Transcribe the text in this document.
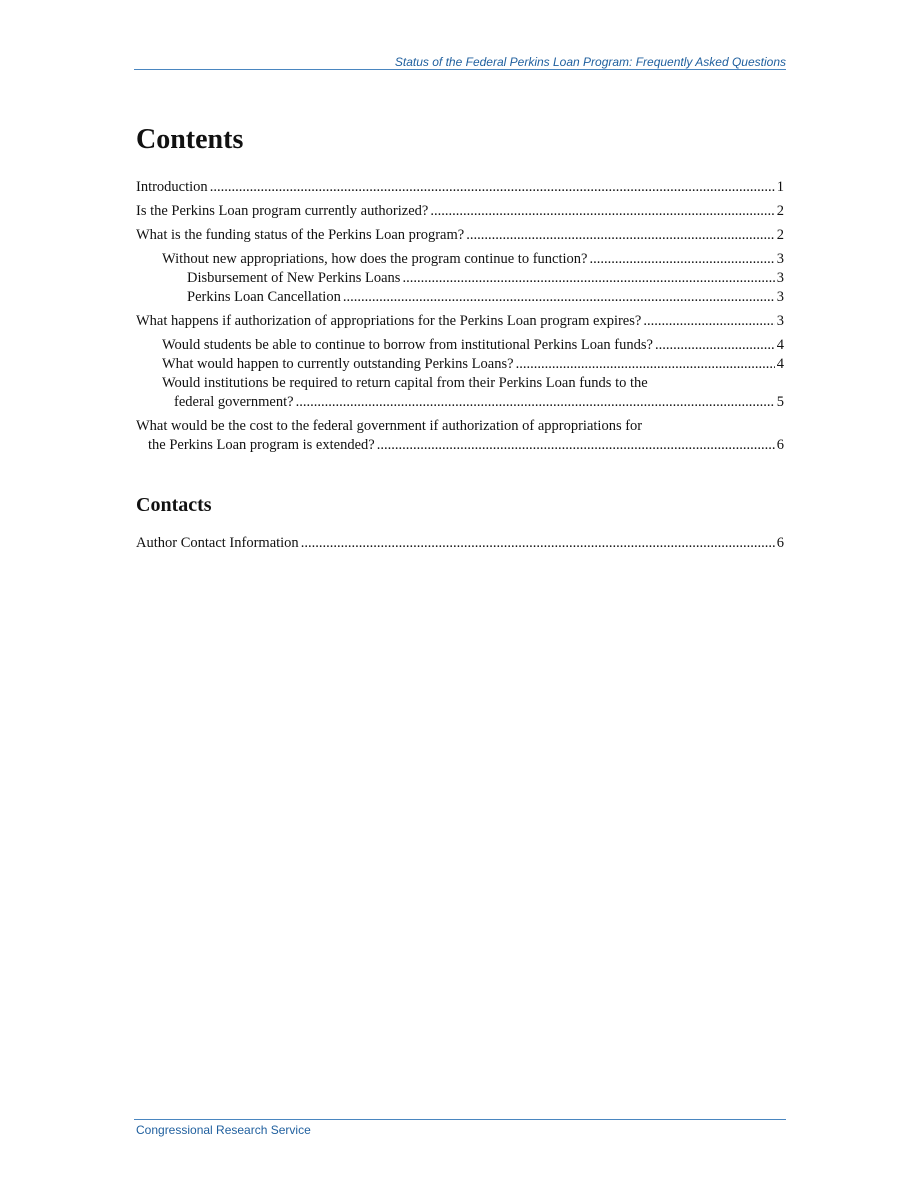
Status of the Federal Perkins Loan Program: Frequently Asked Questions
Contents
Introduction .....	1
Is the Perkins Loan program currently authorized? .....	2
What is the funding status of the Perkins Loan program? .....	2
Without new appropriations, how does the program continue to function? .....	3
Disbursement of New Perkins Loans .....	3
Perkins Loan Cancellation .....	3
What happens if authorization of appropriations for the Perkins Loan program expires? .....	3
Would students be able to continue to borrow from institutional Perkins Loan funds? .....	4
What would happen to currently outstanding Perkins Loans? .....	4
Would institutions be required to return capital from their Perkins Loan funds to the
federal government? .....	5
What would be the cost to the federal government if authorization of appropriations for
the Perkins Loan program is extended? .....	6
Contacts
Author Contact Information .....	6
Congressional Research Service
